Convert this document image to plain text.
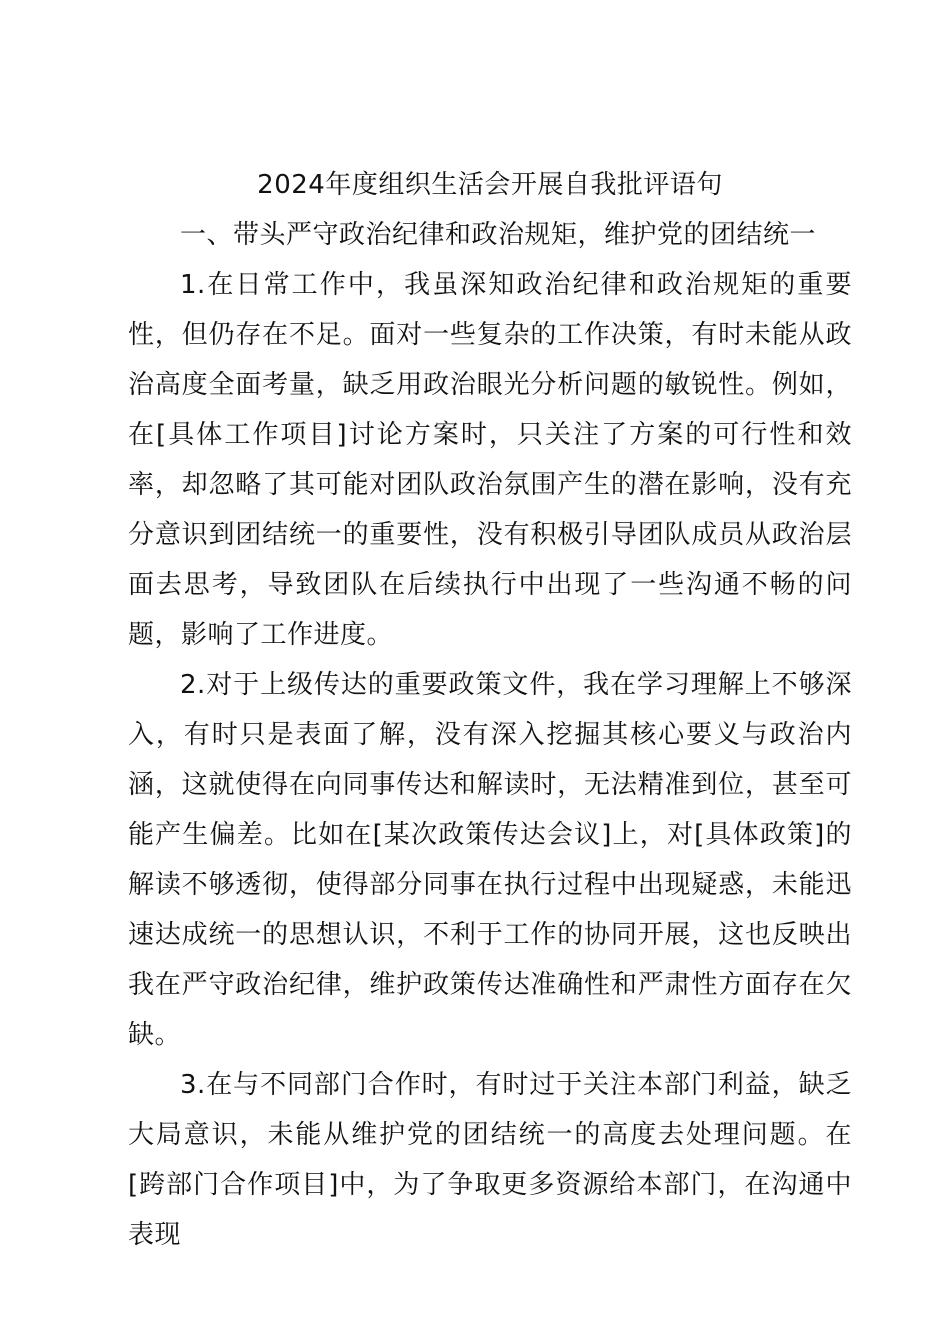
2024年度组织生活会开展自我批评语句
一、带头严守政治纪律和政治规矩，维护党的团结统一

1.在日常工作中，我虽深知政治纪律和政治规矩的重要性，但仍存在不足。面对一些复杂的工作决策，有时未能从政治高度全面考量，缺乏用政治眼光分析问题的敏锐性。例如，在[具体工作项目]讨论方案时，只关注了方案的可行性和效率，却忽略了其可能对团队政治氛围产生的潜在影响，没有充分意识到团结统一的重要性，没有积极引导团队成员从政治层面去思考，导致团队在后续执行中出现了一些沟通不畅的问题，影响了工作进度。

2.对于上级传达的重要政策文件，我在学习理解上不够深入，有时只是表面了解，没有深入挖掘其核心要义与政治内涵，这就使得在向同事传达和解读时，无法精准到位，甚至可能产生偏差。比如在[某次政策传达会议]上，对[具体政策]的解读不够透彻，使得部分同事在执行过程中出现疑惑，未能迅速达成统一的思想认识，不利于工作的协同开展，这也反映出我在严守政治纪律，维护政策传达准确性和严肃性方面存在欠缺。

3.在与不同部门合作时，有时过于关注本部门利益，缺乏大局意识，未能从维护党的团结统一的高度去处理问题。在[跨部门合作项目]中，为了争取更多资源给本部门，在沟通中表现
